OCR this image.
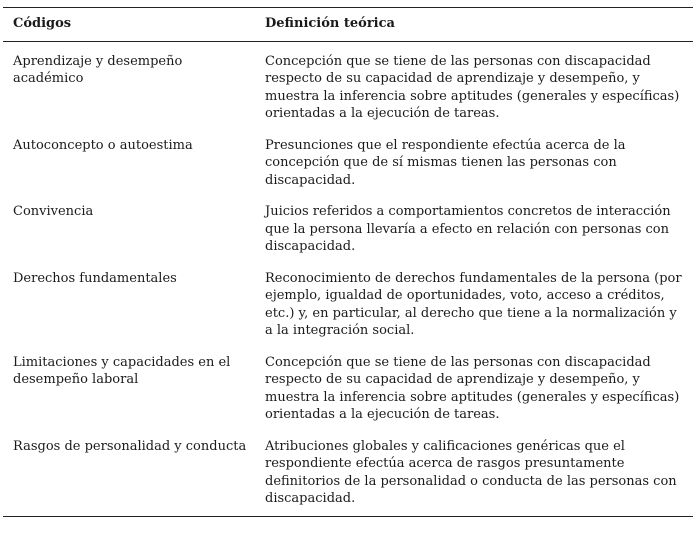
Códigos	Definición teórica
Aprendizaje y desempeño académico	Concepción que se tiene de las personas con discapacidad respecto de su capacidad de aprendizaje y desempeño, y muestra la inferencia sobre aptitudes (generales y específicas) orientadas a la ejecución de tareas.
Autoconcepto o autoestima	Presunciones que el respondiente efectúa acerca de la concepción que de sí mismas tienen las personas con discapacidad.
Convivencia	Juicios referidos a comportamientos concretos de interacción que la persona llevaría a efecto en relación con personas con discapacidad.
Derechos fundamentales	Reconocimiento de derechos fundamentales de la persona (por ejemplo, igualdad de oportunidades, voto, acceso a créditos, etc.) y, en particular, al derecho que tiene a la normalización y a la integración social.
Limitaciones y capacidades en el desempeño laboral	Concepción que se tiene de las personas con discapacidad respecto de su capacidad de aprendizaje y desempeño, y muestra la inferencia sobre aptitudes (generales y específicas) orientadas a la ejecución de tareas.
Rasgos de personalidad y conducta	Atribuciones globales y calificaciones genéricas que el respondiente efectúa acerca de rasgos presuntamente definitorios de la personalidad o conducta de las personas con discapacidad.
